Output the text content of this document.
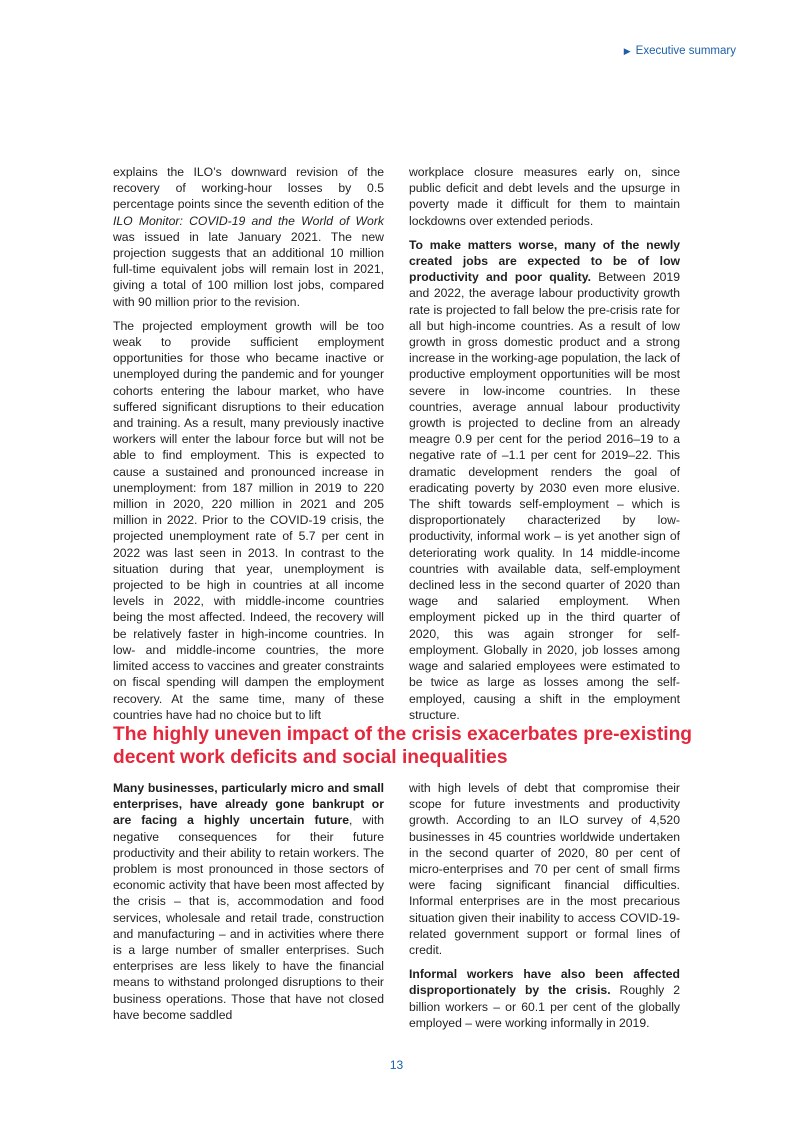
▶ Executive summary

explains the ILO’s downward revision of the recovery of working-hour losses by 0.5 percentage points since the seventh edition of the ILO Monitor: COVID-19 and the World of Work was issued in late January 2021. The new projection suggests that an additional 10 million full-time equivalent jobs will remain lost in 2021, giving a total of 100 million lost jobs, compared with 90 million prior to the revision.

The projected employment growth will be too weak to provide sufficient employment opportunities for those who became inactive or unemployed during the pandemic and for younger cohorts entering the labour market, who have suffered significant disruptions to their education and training. As a result, many previously inactive workers will enter the labour force but will not be able to find employment. This is expected to cause a sustained and pronounced increase in unemployment: from 187 million in 2019 to 220 million in 2020, 220 million in 2021 and 205 million in 2022. Prior to the COVID-19 crisis, the projected unemployment rate of 5.7 per cent in 2022 was last seen in 2013. In contrast to the situation during that year, unemployment is projected to be high in countries at all income levels in 2022, with middle-income countries being the most affected. Indeed, the recovery will be relatively faster in high-income countries. In low- and middle-income countries, the more limited access to vaccines and greater constraints on fiscal spending will dampen the employment recovery. At the same time, many of these countries have had no choice but to lift

workplace closure measures early on, since public deficit and debt levels and the upsurge in poverty made it difficult for them to maintain lockdowns over extended periods.

To make matters worse, many of the newly created jobs are expected to be of low productivity and poor quality. Between 2019 and 2022, the average labour productivity growth rate is projected to fall below the pre-crisis rate for all but high-income countries. As a result of low growth in gross domestic product and a strong increase in the working-age population, the lack of productive employment opportunities will be most severe in low-income countries. In these countries, average annual labour productivity growth is projected to decline from an already meagre 0.9 per cent for the period 2016–19 to a negative rate of –1.1 per cent for 2019–22. This dramatic development renders the goal of eradicating poverty by 2030 even more elusive. The shift towards self-employment – which is disproportionately characterized by low-productivity, informal work – is yet another sign of deteriorating work quality. In 14 middle-income countries with available data, self-employment declined less in the second quarter of 2020 than wage and salaried employment. When employment picked up in the third quarter of 2020, this was again stronger for self-employment. Globally in 2020, job losses among wage and salaried employees were estimated to be twice as large as losses among the self-employed, causing a shift in the employment structure.

The highly uneven impact of the crisis exacerbates pre-existing decent work deficits and social inequalities

Many businesses, particularly micro and small enterprises, have already gone bankrupt or are facing a highly uncertain future, with negative consequences for their future productivity and their ability to retain workers. The problem is most pronounced in those sectors of economic activity that have been most affected by the crisis – that is, accommodation and food services, wholesale and retail trade, construction and manufacturing – and in activities where there is a large number of smaller enterprises. Such enterprises are less likely to have the financial means to withstand prolonged disruptions to their business operations. Those that have not closed have become saddled

with high levels of debt that compromise their scope for future investments and productivity growth. According to an ILO survey of 4,520 businesses in 45 countries worldwide undertaken in the second quarter of 2020, 80 per cent of micro-enterprises and 70 per cent of small firms were facing significant financial difficulties. Informal enterprises are in the most precarious situation given their inability to access COVID-19-related government support or formal lines of credit.

Informal workers have also been affected disproportionately by the crisis. Roughly 2 billion workers – or 60.1 per cent of the globally employed – were working informally in 2019.

13
